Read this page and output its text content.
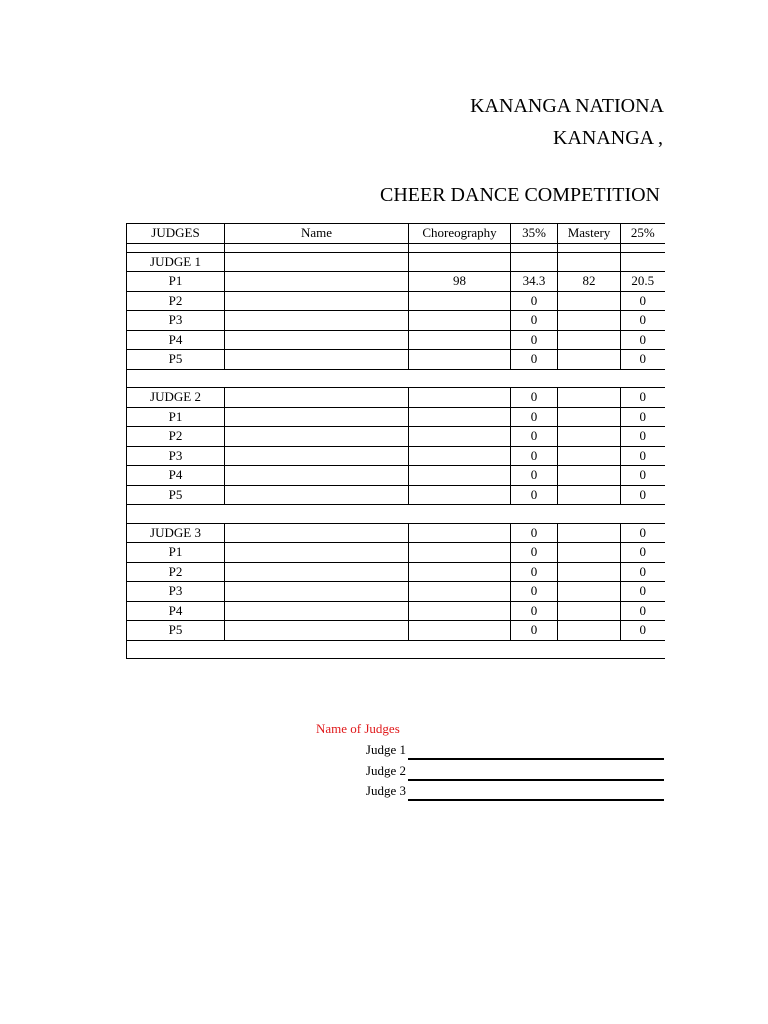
KANANGA NATIONA
KANANGA ,
CHEER DANCE COMPETITION
JUDGES	Name	Choreography	35%	Mastery	25%

JUDGE 1					
P1		98	34.3	82	20.5
P2			0		0
P3			0		0
P4			0		0
P5			0		0

JUDGE 2			0		0
P1			0		0
P2			0		0
P3			0		0
P4			0		0
P5			0		0

JUDGE 3			0		0
P1			0		0
P2			0		0
P3			0		0
P4			0		0
P5			0		0

Name of Judges
Judge 1
Judge 2
Judge 3
